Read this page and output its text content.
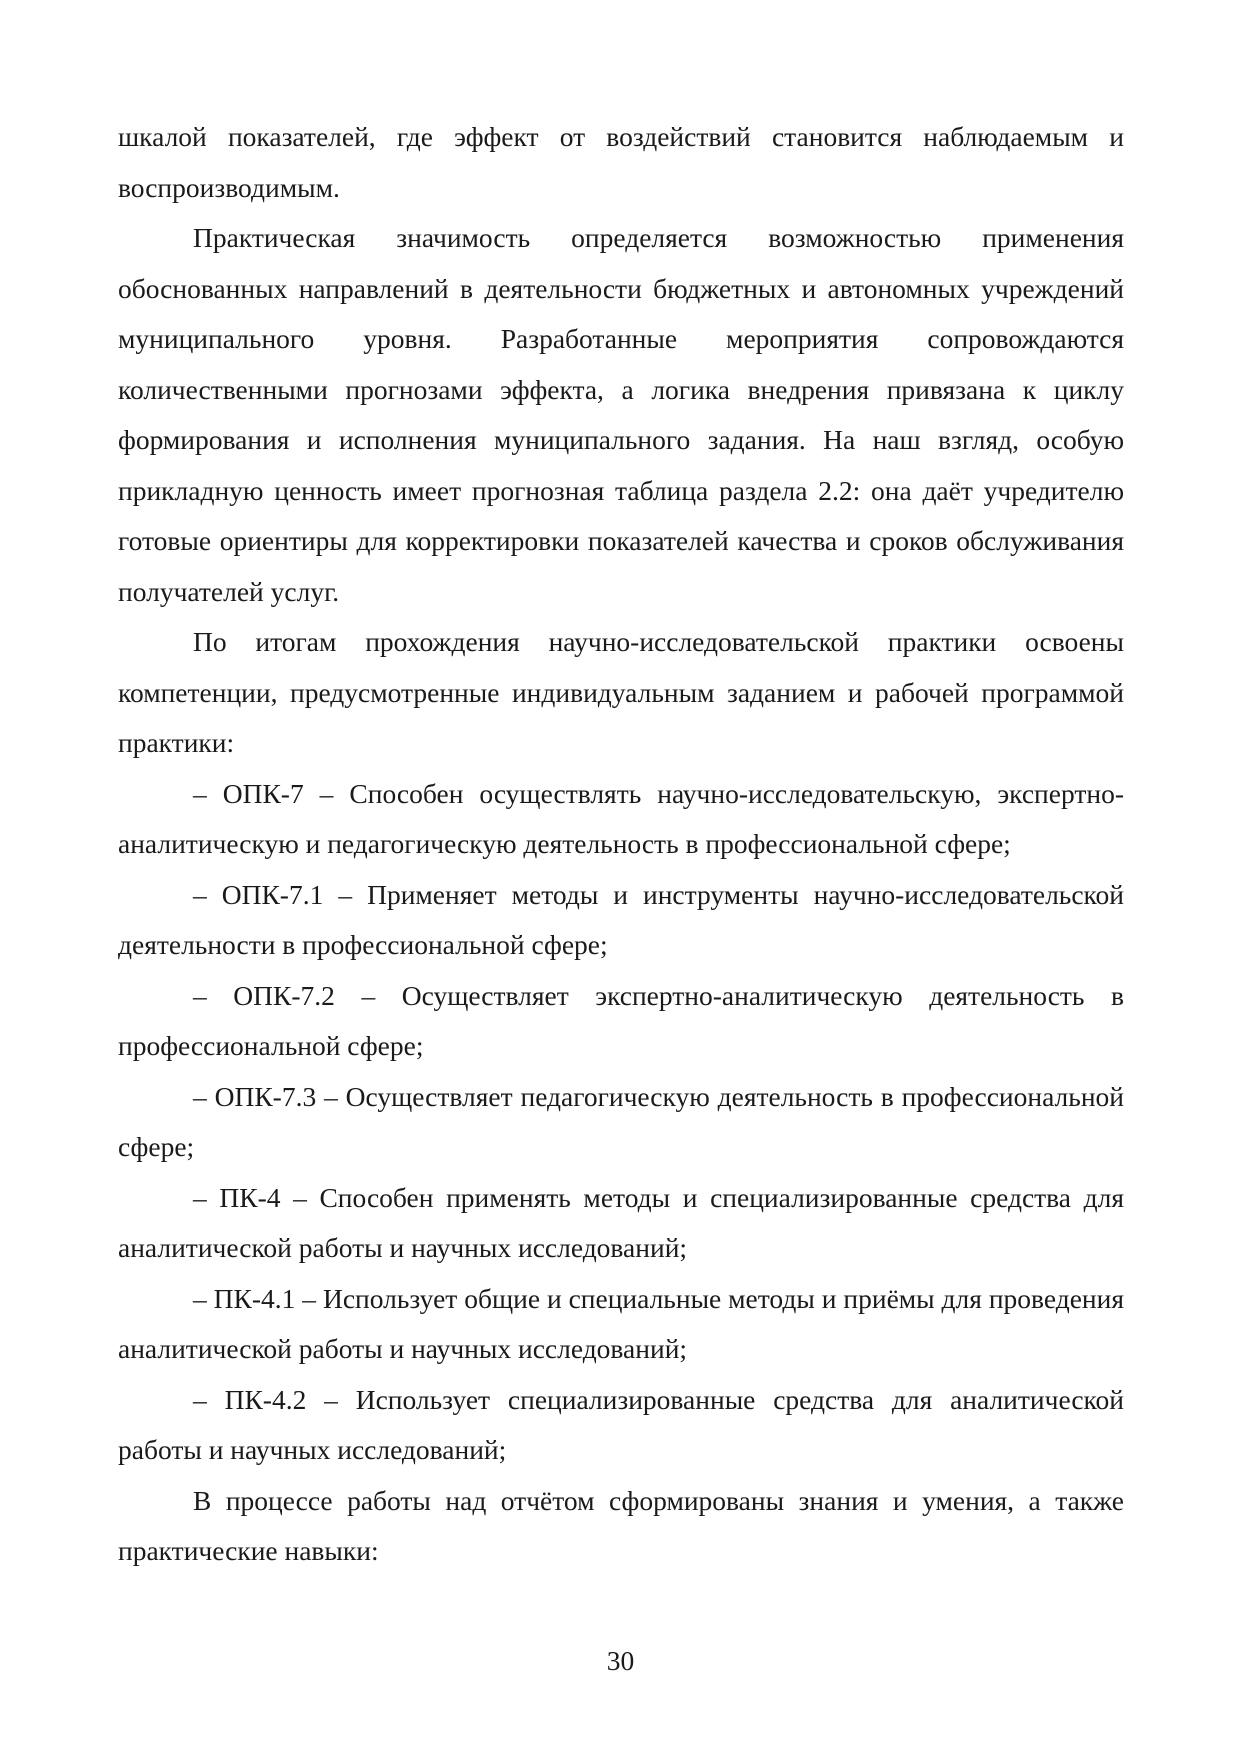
шкалой показателей, где эффект от воздействий становится наблюдаемым и воспроизводимым.

Практическая значимость определяется возможностью применения обоснованных направлений в деятельности бюджетных и автономных учреждений муниципального уровня. Разработанные мероприятия сопровождаются количественными прогнозами эффекта, а логика внедрения привязана к циклу формирования и исполнения муниципального задания. На наш взгляд, особую прикладную ценность имеет прогнозная таблица раздела 2.2: она даёт учредителю готовые ориентиры для корректировки показателей качества и сроков обслуживания получателей услуг.

По итогам прохождения научно-исследовательской практики освоены компетенции, предусмотренные индивидуальным заданием и рабочей программой практики:

– ОПК-7 – Способен осуществлять научно-исследовательскую, экспертно-аналитическую и педагогическую деятельность в профессиональной сфере;

– ОПК-7.1 – Применяет методы и инструменты научно-исследовательской деятельности в профессиональной сфере;

– ОПК-7.2 – Осуществляет экспертно-аналитическую деятельность в профессиональной сфере;

– ОПК-7.3 – Осуществляет педагогическую деятельность в профессиональной сфере;

– ПК-4 – Способен применять методы и специализированные средства для аналитической работы и научных исследований;

– ПК-4.1 – Использует общие и специальные методы и приёмы для проведения аналитической работы и научных исследований;

– ПК-4.2 – Использует специализированные средства для аналитической работы и научных исследований;

В процессе работы над отчётом сформированы знания и умения, а также практические навыки:

30
